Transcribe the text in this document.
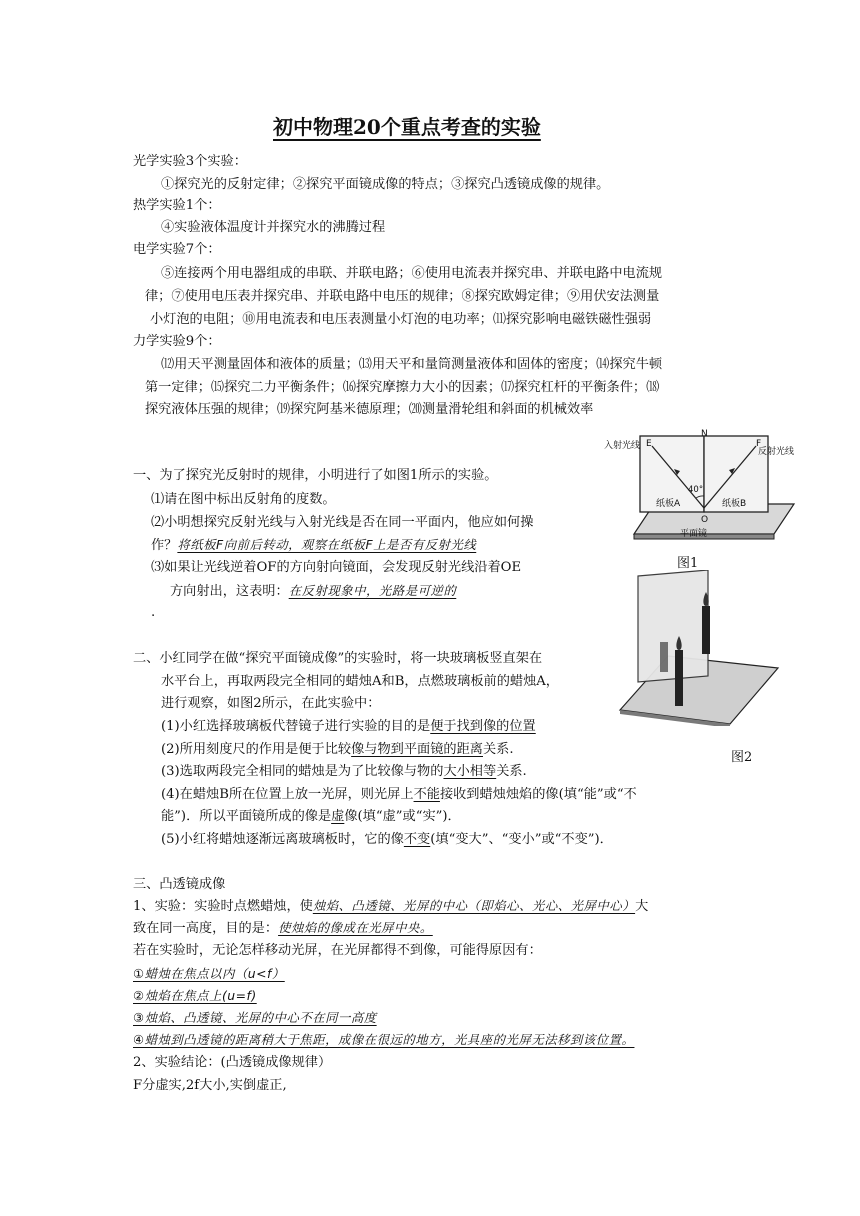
初中物理20个重点考查的实验
光学实验3个实验：
①探究光的反射定律；②探究平面镜成像的特点；③探究凸透镜成像的规律。
热学实验1个：
④实验液体温度计并探究水的沸腾过程
电学实验7个：
⑤连接两个用电器组成的串联、并联电路；⑥使用电流表并探究串、并联电路中电流规
律；⑦使用电压表并探究串、并联电路中电压的规律；⑧探究欧姆定律；⑨用伏安法测量
小灯泡的电阻；⑩用电流表和电压表测量小灯泡的电功率；⑾探究影响电磁铁磁性强弱
力学实验9个：
⑿用天平测量固体和液体的质量；⒀用天平和量筒测量液体和固体的密度；⒁探究牛顿
第一定律；⒂探究二力平衡条件；⒃探究摩擦力大小的因素；⒄探究杠杆的平衡条件；⒅
探究液体压强的规律；⒆探究阿基米德原理；⒇测量滑轮组和斜面的机械效率
一、为了探究光反射时的规律，小明进行了如图1所示的实验。
⑴请在图中标出反射角的度数。
⑵小明想探究反射光线与入射光线是否在同一平面内，他应如何操
作？将纸板F向前后转动，观察在纸板F上是否有反射光线
⑶如果让光线逆着OF的方向射向镜面，会发现反射光线沿着OE
方向射出，这表明：在反射现象中，光路是可逆的
.
入射光线
反射光线
E
N
F
O
40°
纸板A	纸板B
平面镜
图1
图2
二、小红同学在做“探究平面镜成像”的实验时，将一块玻璃板竖直架在
水平台上，再取两段完全相同的蜡烛A和B，点燃玻璃板前的蜡烛A，
进行观察，如图2所示，在此实验中：
(1)小红选择玻璃板代替镜子进行实验的目的是便于找到像的位置
(2)所用刻度尺的作用是便于比较像与物到平面镜的距离关系.
(3)选取两段完全相同的蜡烛是为了比较像与物的大小相等关系.
(4)在蜡烛B所在位置上放一光屏，则光屏上不能接收到蜡烛烛焰的像(填“能”或“不
能”)．所以平面镜所成的像是虚像(填“虚”或“实”)．
(5)小红将蜡烛逐渐远离玻璃板时，它的像不变(填“变大”、“变小”或“不变”)．
三、凸透镜成像
1、实验：实验时点燃蜡烛，使烛焰、凸透镜、光屏的中心（即焰心、光心、光屏中心）大
致在同一高度，目的是：使烛焰的像成在光屏中央。
若在实验时，无论怎样移动光屏，在光屏都得不到像，可能得原因有：
①蜡烛在焦点以内（u<f）
②烛焰在焦点上(u=f)
③烛焰、凸透镜、光屏的中心不在同一高度
④蜡烛到凸透镜的距离稍大于焦距，成像在很远的地方，光具座的光屏无法移到该位置。
2、实验结论：(凸透镜成像规律）
F分虚实,2f大小,实倒虚正,
